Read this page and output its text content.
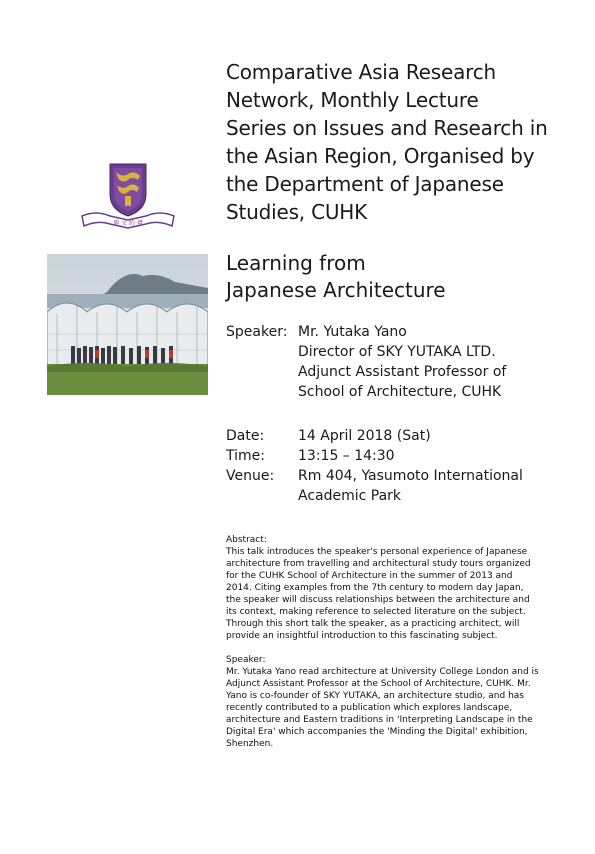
博 文 約 禮
Comparative Asia Research
Network, Monthly Lecture
Series on Issues and Research in
the Asian Region, Organised by
the Department of Japanese
Studies, CUHK
Learning from
Japanese Architecture
Speaker: Mr. Yutaka Yano
Director of SKY YUTAKA LTD.
Adjunct Assistant Professor of
School of Architecture, CUHK
Date: 14 April 2018 (Sat)
Time: 13:15 – 14:30
Venue: Rm 404, Yasumoto International
Academic Park

Abstract:

This talk introduces the speaker's personal experience of Japanese architecture from travelling and architectural study tours organized for the CUHK School of Architecture in the summer of 2013 and 2014. Citing examples from the 7th century to modern day Japan, the speaker will discuss relationships between the architecture and its context, making reference to selected literature on the subject. Through this short talk the speaker, as a practicing architect, will provide an insightful introduction to this fascinating subject.

Speaker:

Mr. Yutaka Yano read architecture at University College London and is Adjunct Assistant Professor at the School of Architecture, CUHK. Mr. Yano is co-founder of SKY YUTAKA, an architecture studio, and has recently contributed to a publication which explores landscape, architecture and Eastern traditions in 'Interpreting Landscape in the Digital Era' which accompanies the 'Minding the Digital' exhibition, Shenzhen.
